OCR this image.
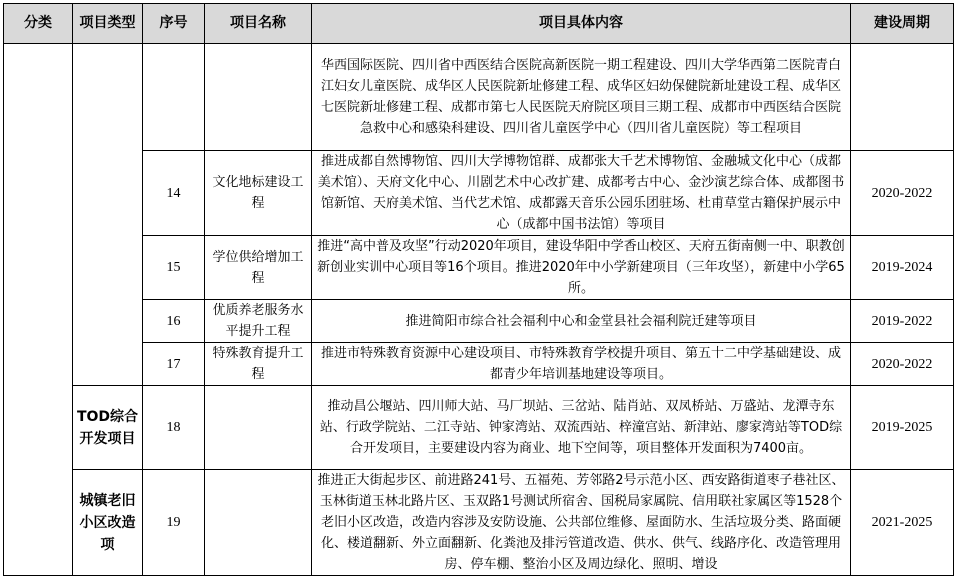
分类	项目类型	序号	项目名称	项目具体内容	建设周期
				华西国际医院、四川省中西医结合医院高新医院一期工程建设、四川大学华西第二医院青白江妇女儿童医院、成华区人民医院新址修建工程、成华区妇幼保健院新址建设工程、成华区七医院新址修建工程、成都市第七人民医院天府院区项目三期工程、成都市中西医结合医院急救中心和感染科建设、四川省儿童医学中心（四川省儿童医院）等工程项目	
		14	文化地标建设工程	推进成都自然博物馆、四川大学博物馆群、成都张大千艺术博物馆、金融城文化中心（成都美术馆）、天府文化中心、川剧艺术中心改扩建、成都考古中心、金沙演艺综合体、成都图书馆新馆、天府美术馆、当代艺术馆、成都露天音乐公园乐团驻场、杜甫草堂古籍保护展示中心（成都中国书法馆）等项目	2020-2022
		15	学位供给增加工程	推进“高中普及攻坚”行动2020年项目，建设华阳中学香山校区、天府五街南侧一中、职教创新创业实训中心项目等16个项目。推进2020年中小学新建项目（三年攻坚），新建中小学65所。	2019-2024
		16	优质养老服务水平提升工程	推进简阳市综合社会福利中心和金堂县社会福利院迁建等项目	2019-2022
		17	特殊教育提升工程	推进市特殊教育资源中心建设项目、市特殊教育学校提升项目、第五十二中学基础建设、成都青少年培训基地建设等项目。	2020-2022
	TOD综合开发项目	18		推动昌公堰站、四川师大站、马厂坝站、三岔站、陆肖站、双凤桥站、万盛站、龙潭寺东站、行政学院站、二江寺站、钟家湾站、双流西站、梓潼宫站、新津站、廖家湾站等TOD综合开发项目，主要建设内容为商业、地下空间等，项目整体开发面积为7400亩。	2019-2025
	城镇老旧小区改造项	19		推进正大街起步区、前进路241号、五福苑、芳邻路2号示范小区、西安路街道枣子巷社区、玉林街道玉林北路片区、玉双路1号测试所宿舍、国税局家属院、信用联社家属区等1528个老旧小区改造，改造内容涉及安防设施、公共部位维修、屋面防水、生活垃圾分类、路面硬化、楼道翻新、外立面翻新、化粪池及排污管道改造、供水、供气、线路序化、改造管理用房、停车棚、整治小区及周边绿化、照明、增设	2021-2025
